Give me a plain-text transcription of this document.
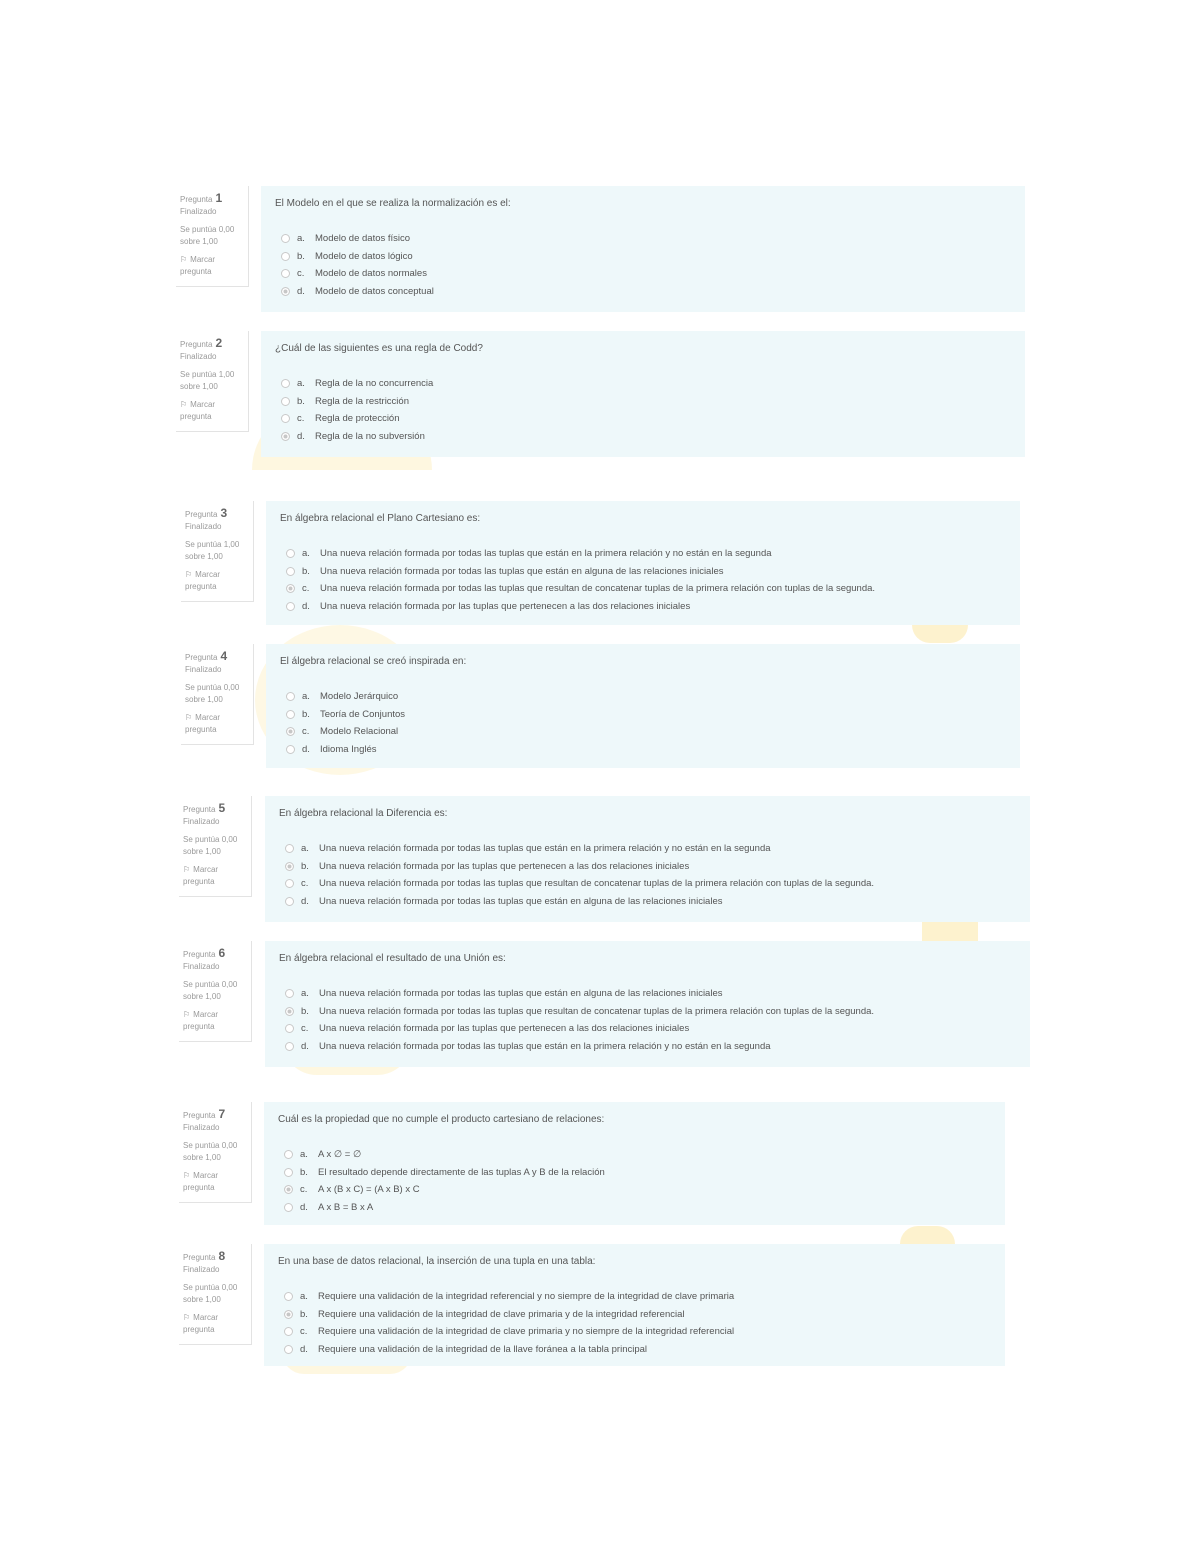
Pregunta 1
Finalizado
Se puntúa 0,00 sobre 1,00
⚐ Marcar pregunta
El Modelo en el que se realiza la normalización es el:
a.	Modelo de datos físico
b.	Modelo de datos lógico
c.	Modelo de datos normales
d.	Modelo de datos conceptual
Pregunta 2
Finalizado
Se puntúa 1,00 sobre 1,00
⚐ Marcar pregunta
¿Cuál de las siguientes es una regla de Codd?
a.	Regla de la no concurrencia
b.	Regla de la restricción
c.	Regla de protección
d.	Regla de la no subversión
Pregunta 3
Finalizado
Se puntúa 1,00 sobre 1,00
⚐ Marcar pregunta
En álgebra relacional el Plano Cartesiano es:
a.	Una nueva relación formada por todas las tuplas que están en la primera relación y no están en la segunda
b.	Una nueva relación formada por todas las tuplas que están en alguna de las relaciones iniciales
c.	Una nueva relación formada por todas las tuplas que resultan de concatenar tuplas de la primera relación con tuplas de la segunda.
d.	Una nueva relación formada por las tuplas que pertenecen a las dos relaciones iniciales
Pregunta 4
Finalizado
Se puntúa 0,00 sobre 1,00
⚐ Marcar pregunta
El álgebra relacional se creó inspirada en:
a.	Modelo Jerárquico
b.	Teoría de Conjuntos
c.	Modelo Relacional
d.	Idioma Inglés
Pregunta 5
Finalizado
Se puntúa 0,00 sobre 1,00
⚐ Marcar pregunta
En álgebra relacional la Diferencia es:
a.	Una nueva relación formada por todas las tuplas que están en la primera relación y no están en la segunda
b.	Una nueva relación formada por las tuplas que pertenecen a las dos relaciones iniciales
c.	Una nueva relación formada por todas las tuplas que resultan de concatenar tuplas de la primera relación con tuplas de la segunda.
d.	Una nueva relación formada por todas las tuplas que están en alguna de las relaciones iniciales
Pregunta 6
Finalizado
Se puntúa 0,00 sobre 1,00
⚐ Marcar pregunta
En álgebra relacional el resultado de una Unión es:
a.	Una nueva relación formada por todas las tuplas que están en alguna de las relaciones iniciales
b.	Una nueva relación formada por todas las tuplas que resultan de concatenar tuplas de la primera relación con tuplas de la segunda.
c.	Una nueva relación formada por las tuplas que pertenecen a las dos relaciones iniciales
d.	Una nueva relación formada por todas las tuplas que están en la primera relación y no están en la segunda
Pregunta 7
Finalizado
Se puntúa 0,00 sobre 1,00
⚐ Marcar pregunta
Cuál es la propiedad que no cumple el producto cartesiano de relaciones:
a.	A x ∅ = ∅
b.	El resultado depende directamente de las tuplas A y B de la relación
c.	A x (B x C) = (A x B) x C
d.	A x B = B x A
Pregunta 8
Finalizado
Se puntúa 0,00 sobre 1,00
⚐ Marcar pregunta
En una base de datos relacional, la inserción de una tupla en una tabla:
a.	Requiere una validación de la integridad referencial y no siempre de la integridad de clave primaria
b.	Requiere una validación de la integridad de clave primaria y de la integridad referencial
c.	Requiere una validación de la integridad de clave primaria y no siempre de la integridad referencial
d.	Requiere una validación de la integridad de la llave foránea a la tabla principal
